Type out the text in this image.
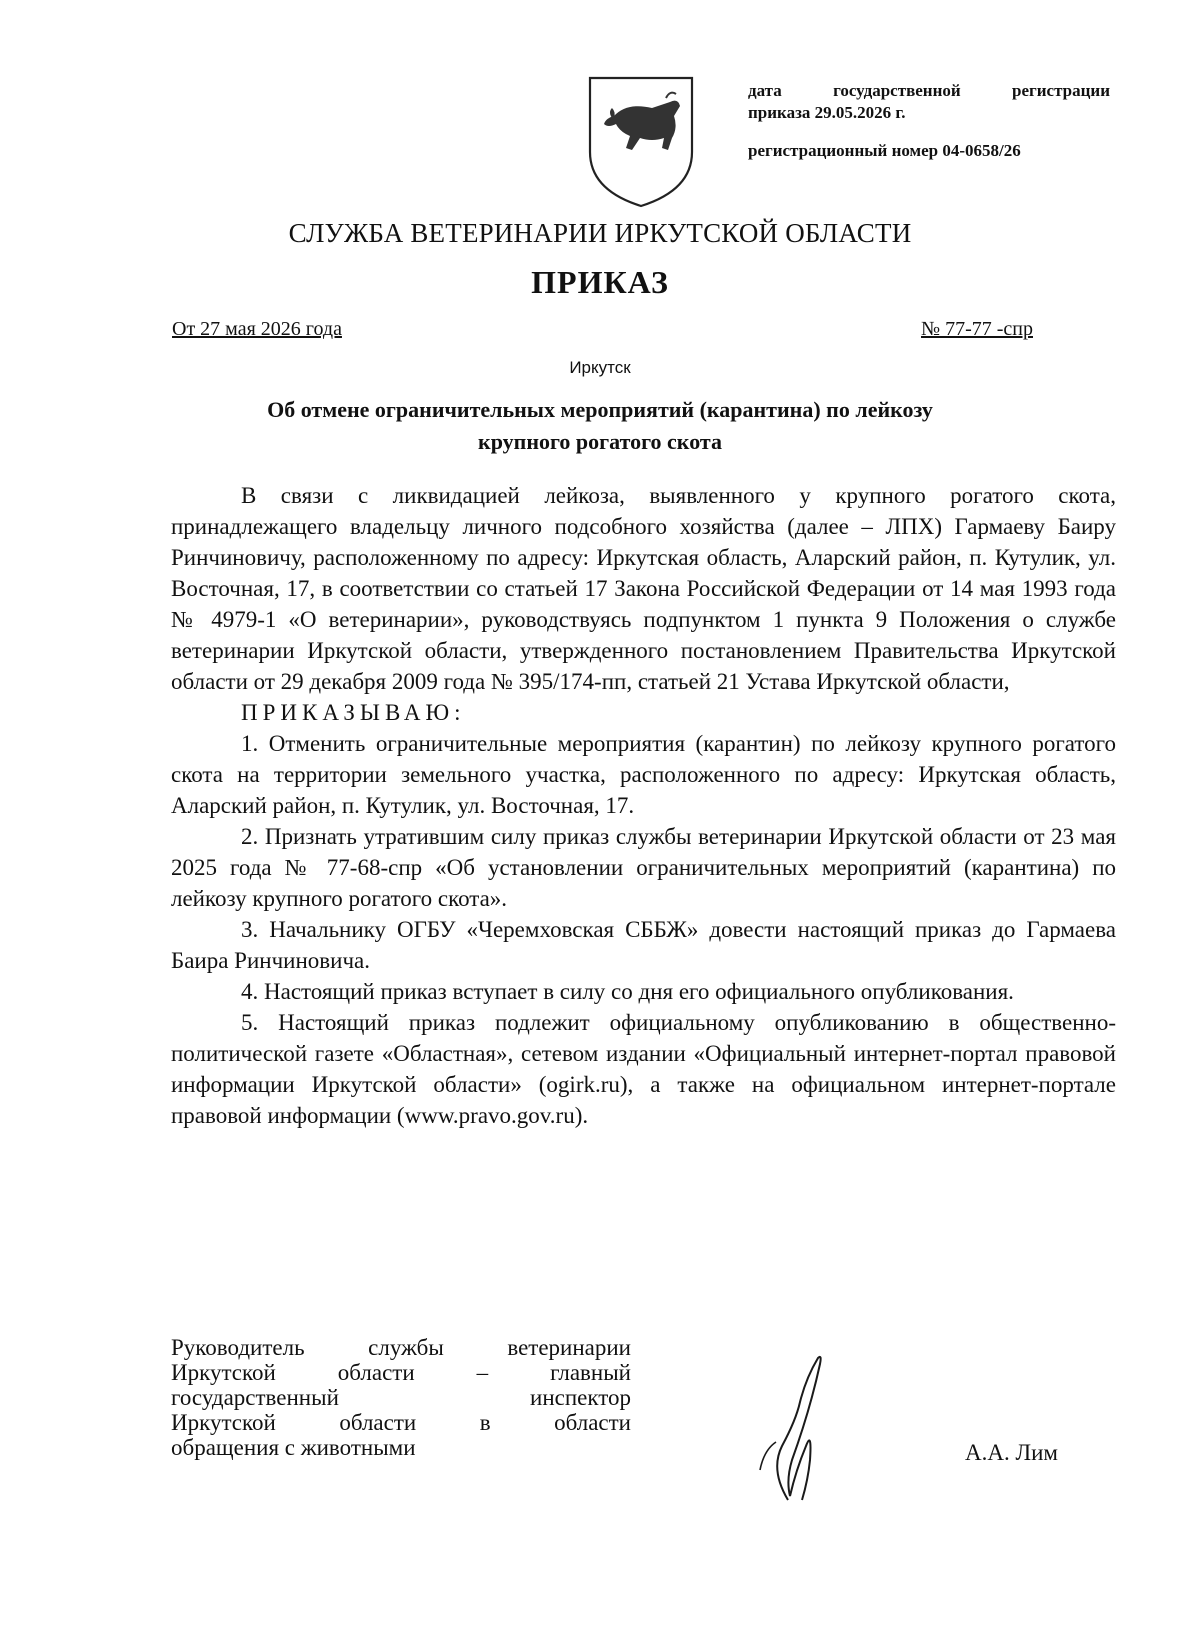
дата государственной регистрации
приказа 29.05.2026 г.
регистрационный номер 04-0658/26
СЛУЖБА ВЕТЕРИНАРИИ ИРКУТСКОЙ ОБЛАСТИ
ПРИКАЗ
От 27 мая 2026 года	№ 77-77 -спр
Иркутск
Об отмене ограничительных мероприятий (карантина) по лейкозу
крупного рогатого скота

В связи с ликвидацией лейкоза, выявленного у крупного рогатого скота, принадлежащего владельцу личного подсобного хозяйства (далее – ЛПХ) Гармаеву Баиру Ринчиновичу, расположенному по адресу: Иркутская область, Аларский район, п. Кутулик, ул. Восточная, 17, в соответствии со статьей 17 Закона Российской Федерации от 14 мая 1993 года № 4979-1 «О ветеринарии», руководствуясь подпунктом 1 пункта 9 Положения о службе ветеринарии Иркутской области, утвержденного постановлением Правительства Иркутской области от 29 декабря 2009 года № 395/174-пп, статьей 21 Устава Иркутской области,

ПРИКАЗЫВАЮ:

1. Отменить ограничительные мероприятия (карантин) по лейкозу крупного рогатого скота на территории земельного участка, расположенного по адресу: Иркутская область, Аларский район, п. Кутулик, ул. Восточная, 17.

2. Признать утратившим силу приказ службы ветеринарии Иркутской области от 23 мая 2025 года № 77-68-спр «Об установлении ограничительных мероприятий (карантина) по лейкозу крупного рогатого скота».

3. Начальнику ОГБУ «Черемховская СББЖ» довести настоящий приказ до Гармаева Баира Ринчиновича.

4. Настоящий приказ вступает в силу со дня его официального опубликования.

5. Настоящий приказ подлежит официальному опубликованию в общественно-политической газете «Областная», сетевом издании «Официальный интернет-портал правовой информации Иркутской области» (ogirk.ru), а также на официальном интернет-портале правовой информации (www.pravo.gov.ru).

Руководитель службы ветеринарии
Иркутской области – главный
государственный инспектор
Иркутской области в области
обращения с животными	А.А. Лим
